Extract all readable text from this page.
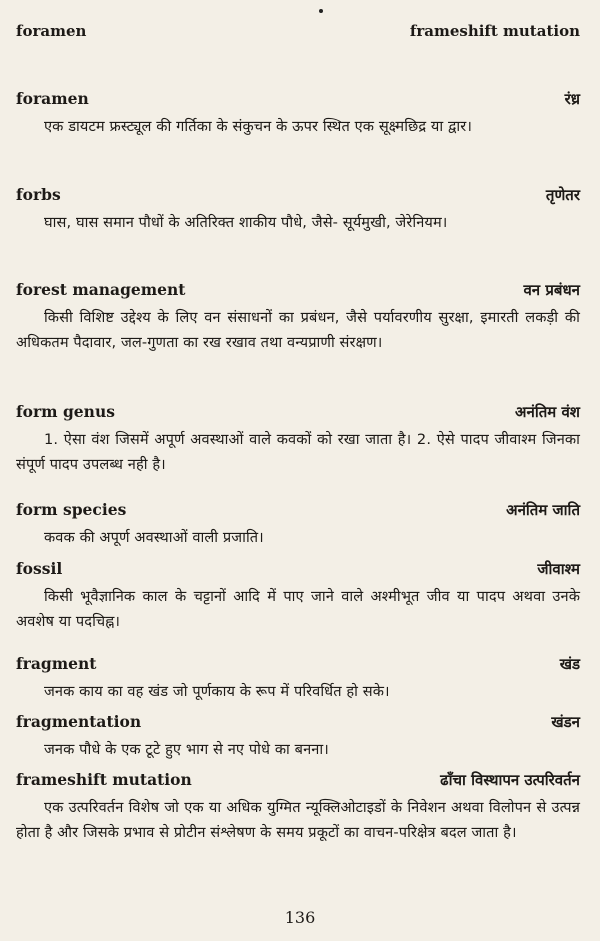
foramen	frameshift mutation
foramen	रंध्र

एक डायटम फ्रस्ट्यूल की गर्तिका के संकुचन के ऊपर स्थित एक सूक्ष्मछिद्र या द्वार।

forbs	तृणेतर

घास, घास समान पौधों के अतिरिक्त शाकीय पौधे, जैसे- सूर्यमुखी, जेरेनियम।

forest management	वन प्रबंधन

किसी विशिष्ट उद्देश्य के लिए वन संसाधनों का प्रबंधन, जैसे पर्यावरणीय सुरक्षा, इमारती लकड़ी की अधिकतम पैदावार, जल-गुणता का रख रखाव तथा वन्यप्राणी संरक्षण।

form genus	अनंतिम वंश

1. ऐसा वंश जिसमें अपूर्ण अवस्थाओं वाले कवकों को रखा जाता है। 2. ऐसे पादप जीवाश्म जिनका संपूर्ण पादप उपलब्ध नही है।

form species	अनंतिम जाति

कवक की अपूर्ण अवस्थाओं वाली प्रजाति।

fossil	जीवाश्म

किसी भूवैज्ञानिक काल के चट्टानों आदि में पाए जाने वाले अश्मीभूत जीव या पादप अथवा उनके अवशेष या पदचिह्न।

fragment	खंड

जनक काय का वह खंड जो पूर्णकाय के रूप में परिवर्धित हो सके।

fragmentation	खंडन

जनक पौधे के एक टूटे हुए भाग से नए पोधे का बनना।

frameshift mutation	ढाँचा विस्थापन उत्परिवर्तन

एक उत्परिवर्तन विशेष जो एक या अधिक युग्मित न्यूक्लिओटाइडों के निवेशन अथवा विलोपन से उत्पन्न होता है और जिसके प्रभाव से प्रोटीन संश्लेषण के समय प्रकूटों का वाचन-परिक्षेत्र बदल जाता है।

136
